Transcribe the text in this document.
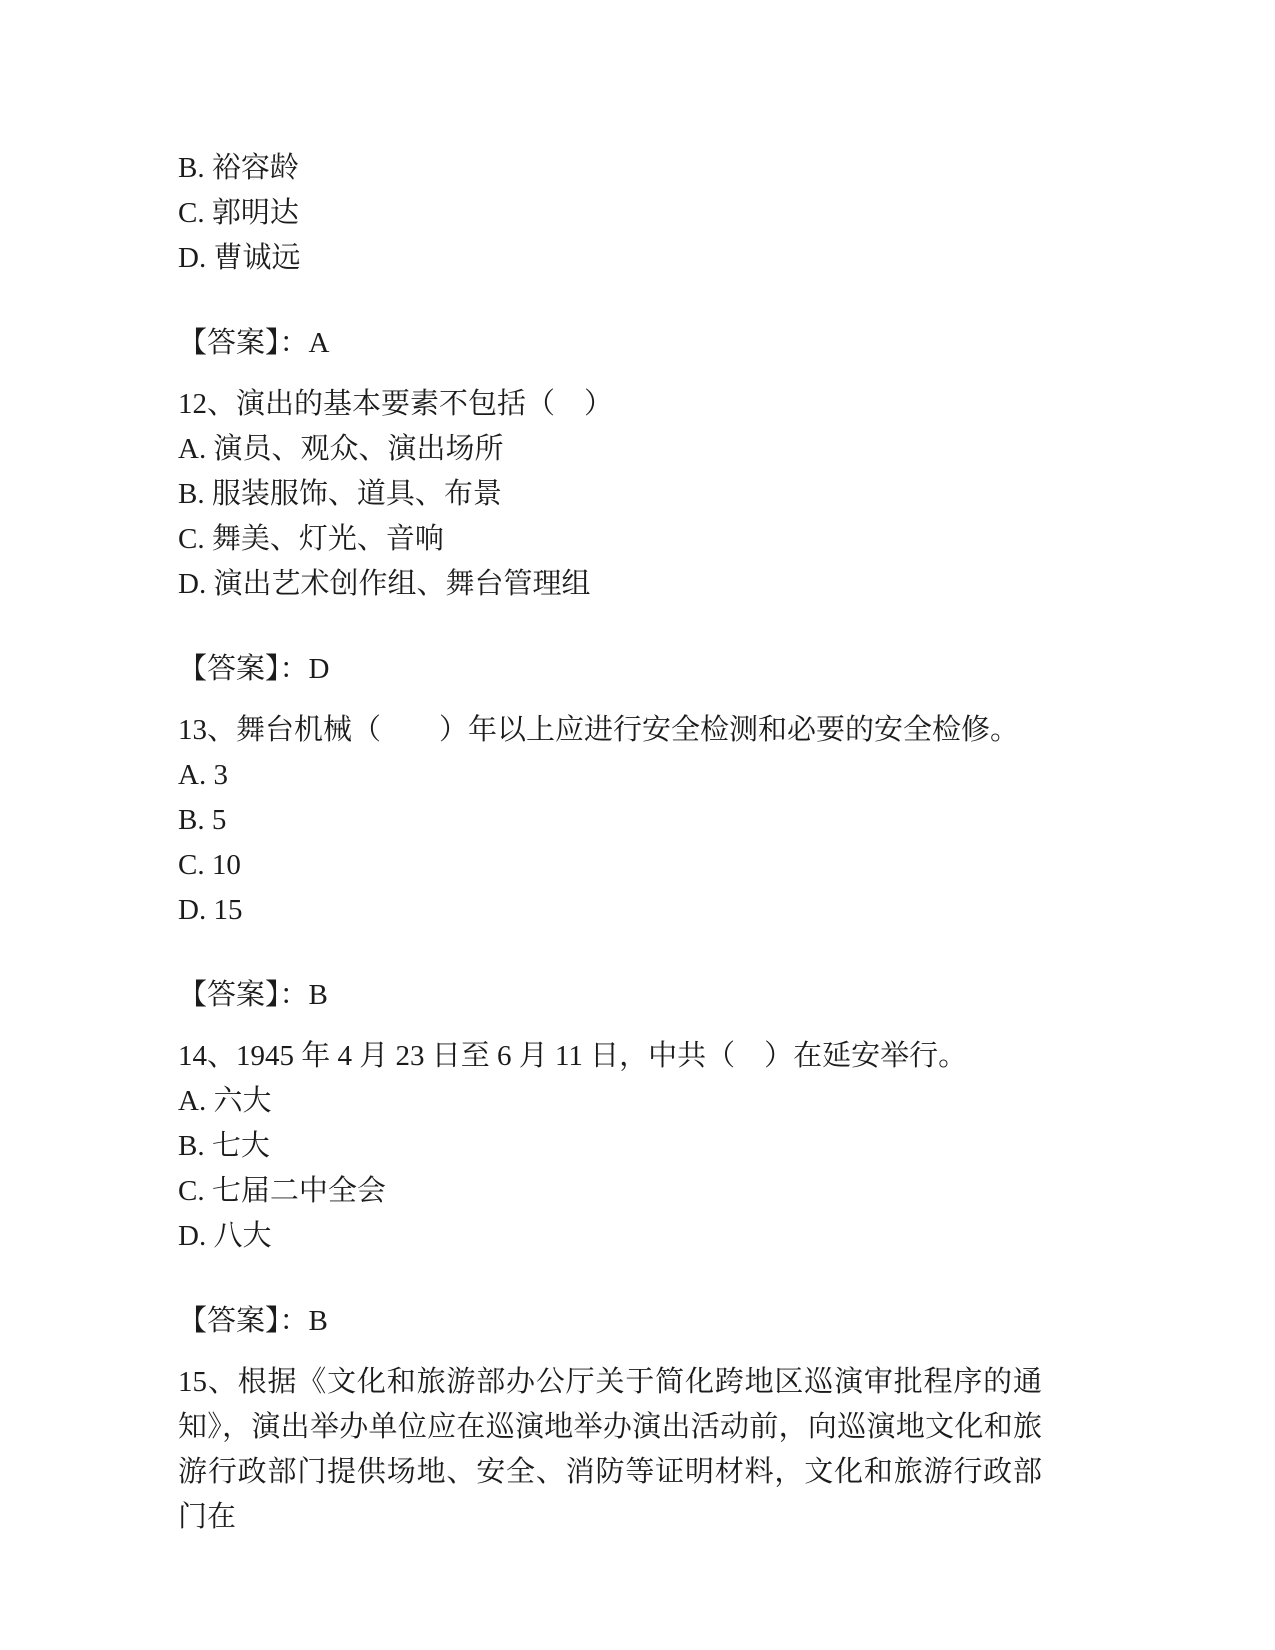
B. 裕容龄

C. 郭明达

D. 曹诚远

【答案】：A

12、演出的基本要素不包括（　）

A. 演员、观众、演出场所

B. 服装服饰、道具、布景

C. 舞美、灯光、音响

D. 演出艺术创作组、舞台管理组

【答案】：D

13、舞台机械（　　）年以上应进行安全检测和必要的安全检修。

A. 3

B. 5

C. 10

D. 15

【答案】：B

14、1945 年 4 月 23 日至 6 月 11 日，中共（　）在延安举行。

A. 六大

B. 七大

C. 七届二中全会

D. 八大

【答案】：B

15、根据《文化和旅游部办公厅关于简化跨地区巡演审批程序的通知》，演出举办单位应在巡演地举办演出活动前，向巡演地文化和旅游行政部门提供场地、安全、消防等证明材料，文化和旅游行政部门在
